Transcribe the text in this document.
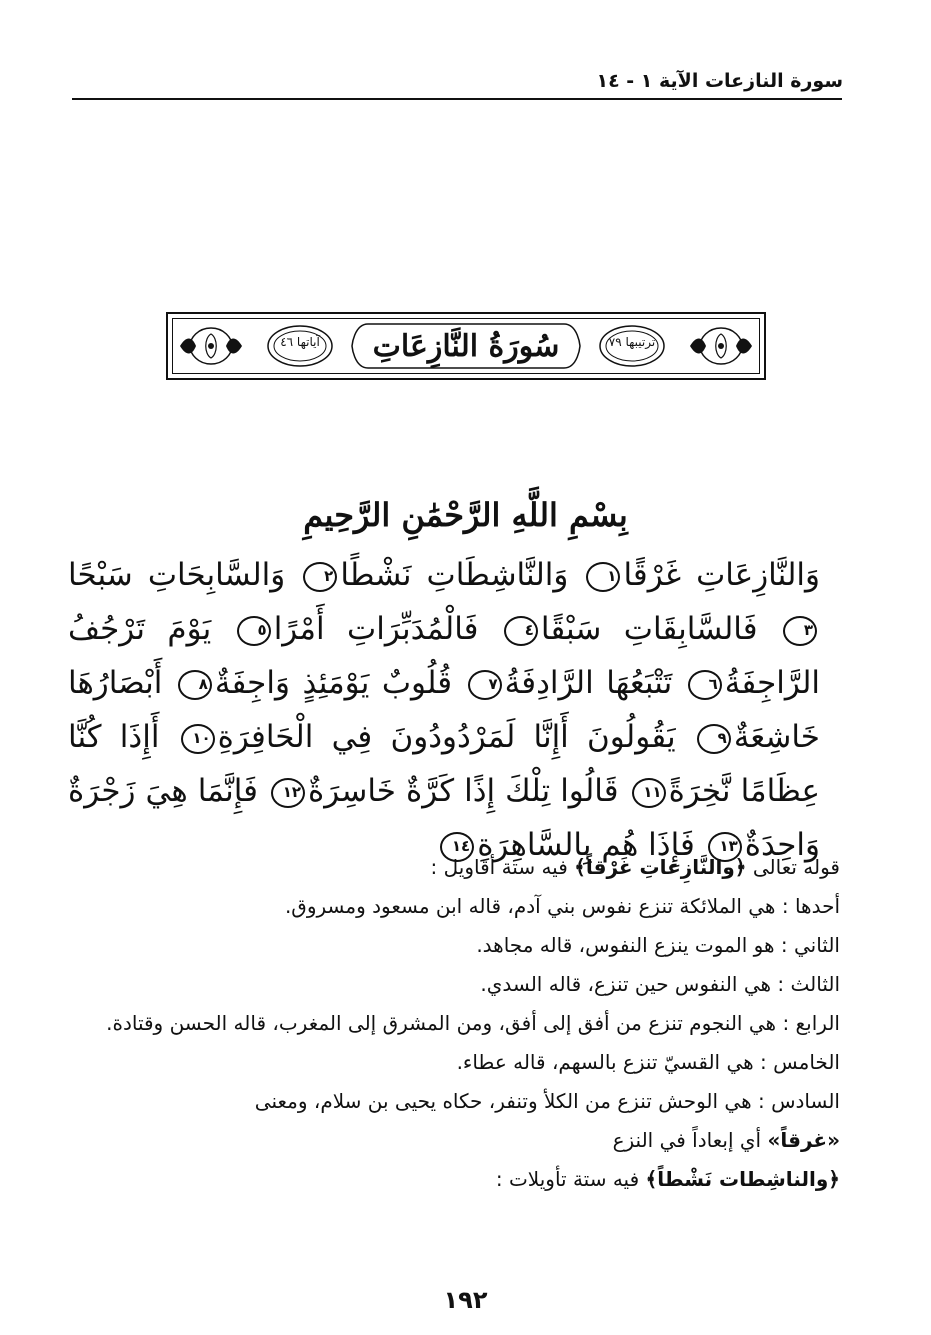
سورة النازعات الآية ١ - ١٤
آياتها ٤٦	ترتيبها ٧٩
سُورَةُ النَّازِعَاتِ
بِسْمِ اللَّهِ الرَّحْمَٰنِ الرَّحِيمِ
وَالنَّازِعَاتِ غَرْقًا١ وَالنَّاشِطَاتِ نَشْطًا٢ وَالسَّابِحَاتِ سَبْحًا٣ فَالسَّابِقَاتِ سَبْقًا٤ فَالْمُدَبِّرَاتِ أَمْرًا٥ يَوْمَ تَرْجُفُ الرَّاجِفَةُ٦ تَتْبَعُهَا الرَّادِفَةُ٧ قُلُوبٌ يَوْمَئِذٍ وَاجِفَةٌ٨ أَبْصَارُهَا خَاشِعَةٌ٩ يَقُولُونَ أَإِنَّا لَمَرْدُودُونَ فِي الْحَافِرَةِ١٠ أَإِذَا كُنَّا عِظَامًا نَّخِرَةً١١ قَالُوا تِلْكَ إِذًا كَرَّةٌ خَاسِرَةٌ١٢ فَإِنَّمَا هِيَ زَجْرَةٌ وَاحِدَةٌ١٣ فَإِذَا هُم بِالسَّاهِرَةِ١٤

قوله تعالى ﴿والنَّازِعاتِ غَرْقاً﴾ فيه ستة أقاويل :

أحدها : هي الملائكة تنزع نفوس بني آدم، قاله ابن مسعود ومسروق.

الثاني : هو الموت ينزع النفوس، قاله مجاهد.

الثالث : هي النفوس حين تنزع، قاله السدي.

الرابع : هي النجوم تنزع من أفق إلى أفق، ومن المشرق إلى المغرب، قاله الحسن وقتادة.

الخامس : هي القسيّ تنزع بالسهم، قاله عطاء.

السادس : هي الوحش تنزع من الكلأ وتنفر، حكاه يحيى بن سلام، ومعنى

«غرقاً» أي إبعاداً في النزع

﴿والناشِطات نَشْطاً﴾ فيه ستة تأويلات :

١٩٢
